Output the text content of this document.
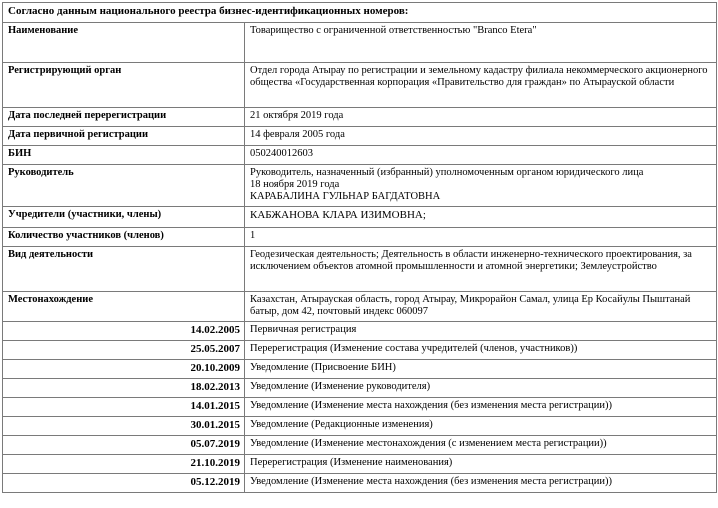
Согласно данным национального реестра бизнес-идентификационных номеров:	
Наименование	Товарищество с ограниченной ответственностью "Branco Etera"
Регистрирующий орган	Отдел города Атырау по регистрации и земельному кадастру филиала некоммерческого акционерного общества «Государственная корпорация «Правительство для граждан» по Атырауской области
Дата последней перерегистрации	21 октября 2019 года
Дата первичной регистрации	14 февраля 2005 года
БИН	050240012603
Руководитель	Руководитель, назначенный (избранный) уполномоченным органом юридического лица
18 ноября 2019 года
КАРАБАЛИНА ГУЛЬНАР БАГДАТОВНА

Учредители (участники, члены)	КАБЖАНОВА КЛАРА ИЗИМОВНА;
Количество участников (членов)	1
Вид деятельности	Геодезическая деятельность; Деятельность в области инженерно-технического проектирования, за исключением объектов атомной промышленности и атомной энергетики; Землеустройство
Местонахождение	Казахстан, Атырауская область, город Атырау, Микрорайон Самал, улица Ер Косайулы Пыштанай батыр, дом 42, почтовый индекс 060097
14.02.2005	Первичная регистрация
25.05.2007	Перерегистрация (Изменение состава учредителей (членов, участников))
20.10.2009	Уведомление (Присвоение БИН)
18.02.2013	Уведомление (Изменение руководителя)
14.01.2015	Уведомление (Изменение места нахождения (без изменения места регистрации))
30.01.2015	Уведомление (Редакционные изменения)
05.07.2019	Уведомление (Изменение местонахождения (с изменением места регистрации))
21.10.2019	Перерегистрация (Изменение наименования)
05.12.2019	Уведомление (Изменение места нахождения (без изменения места регистрации))
